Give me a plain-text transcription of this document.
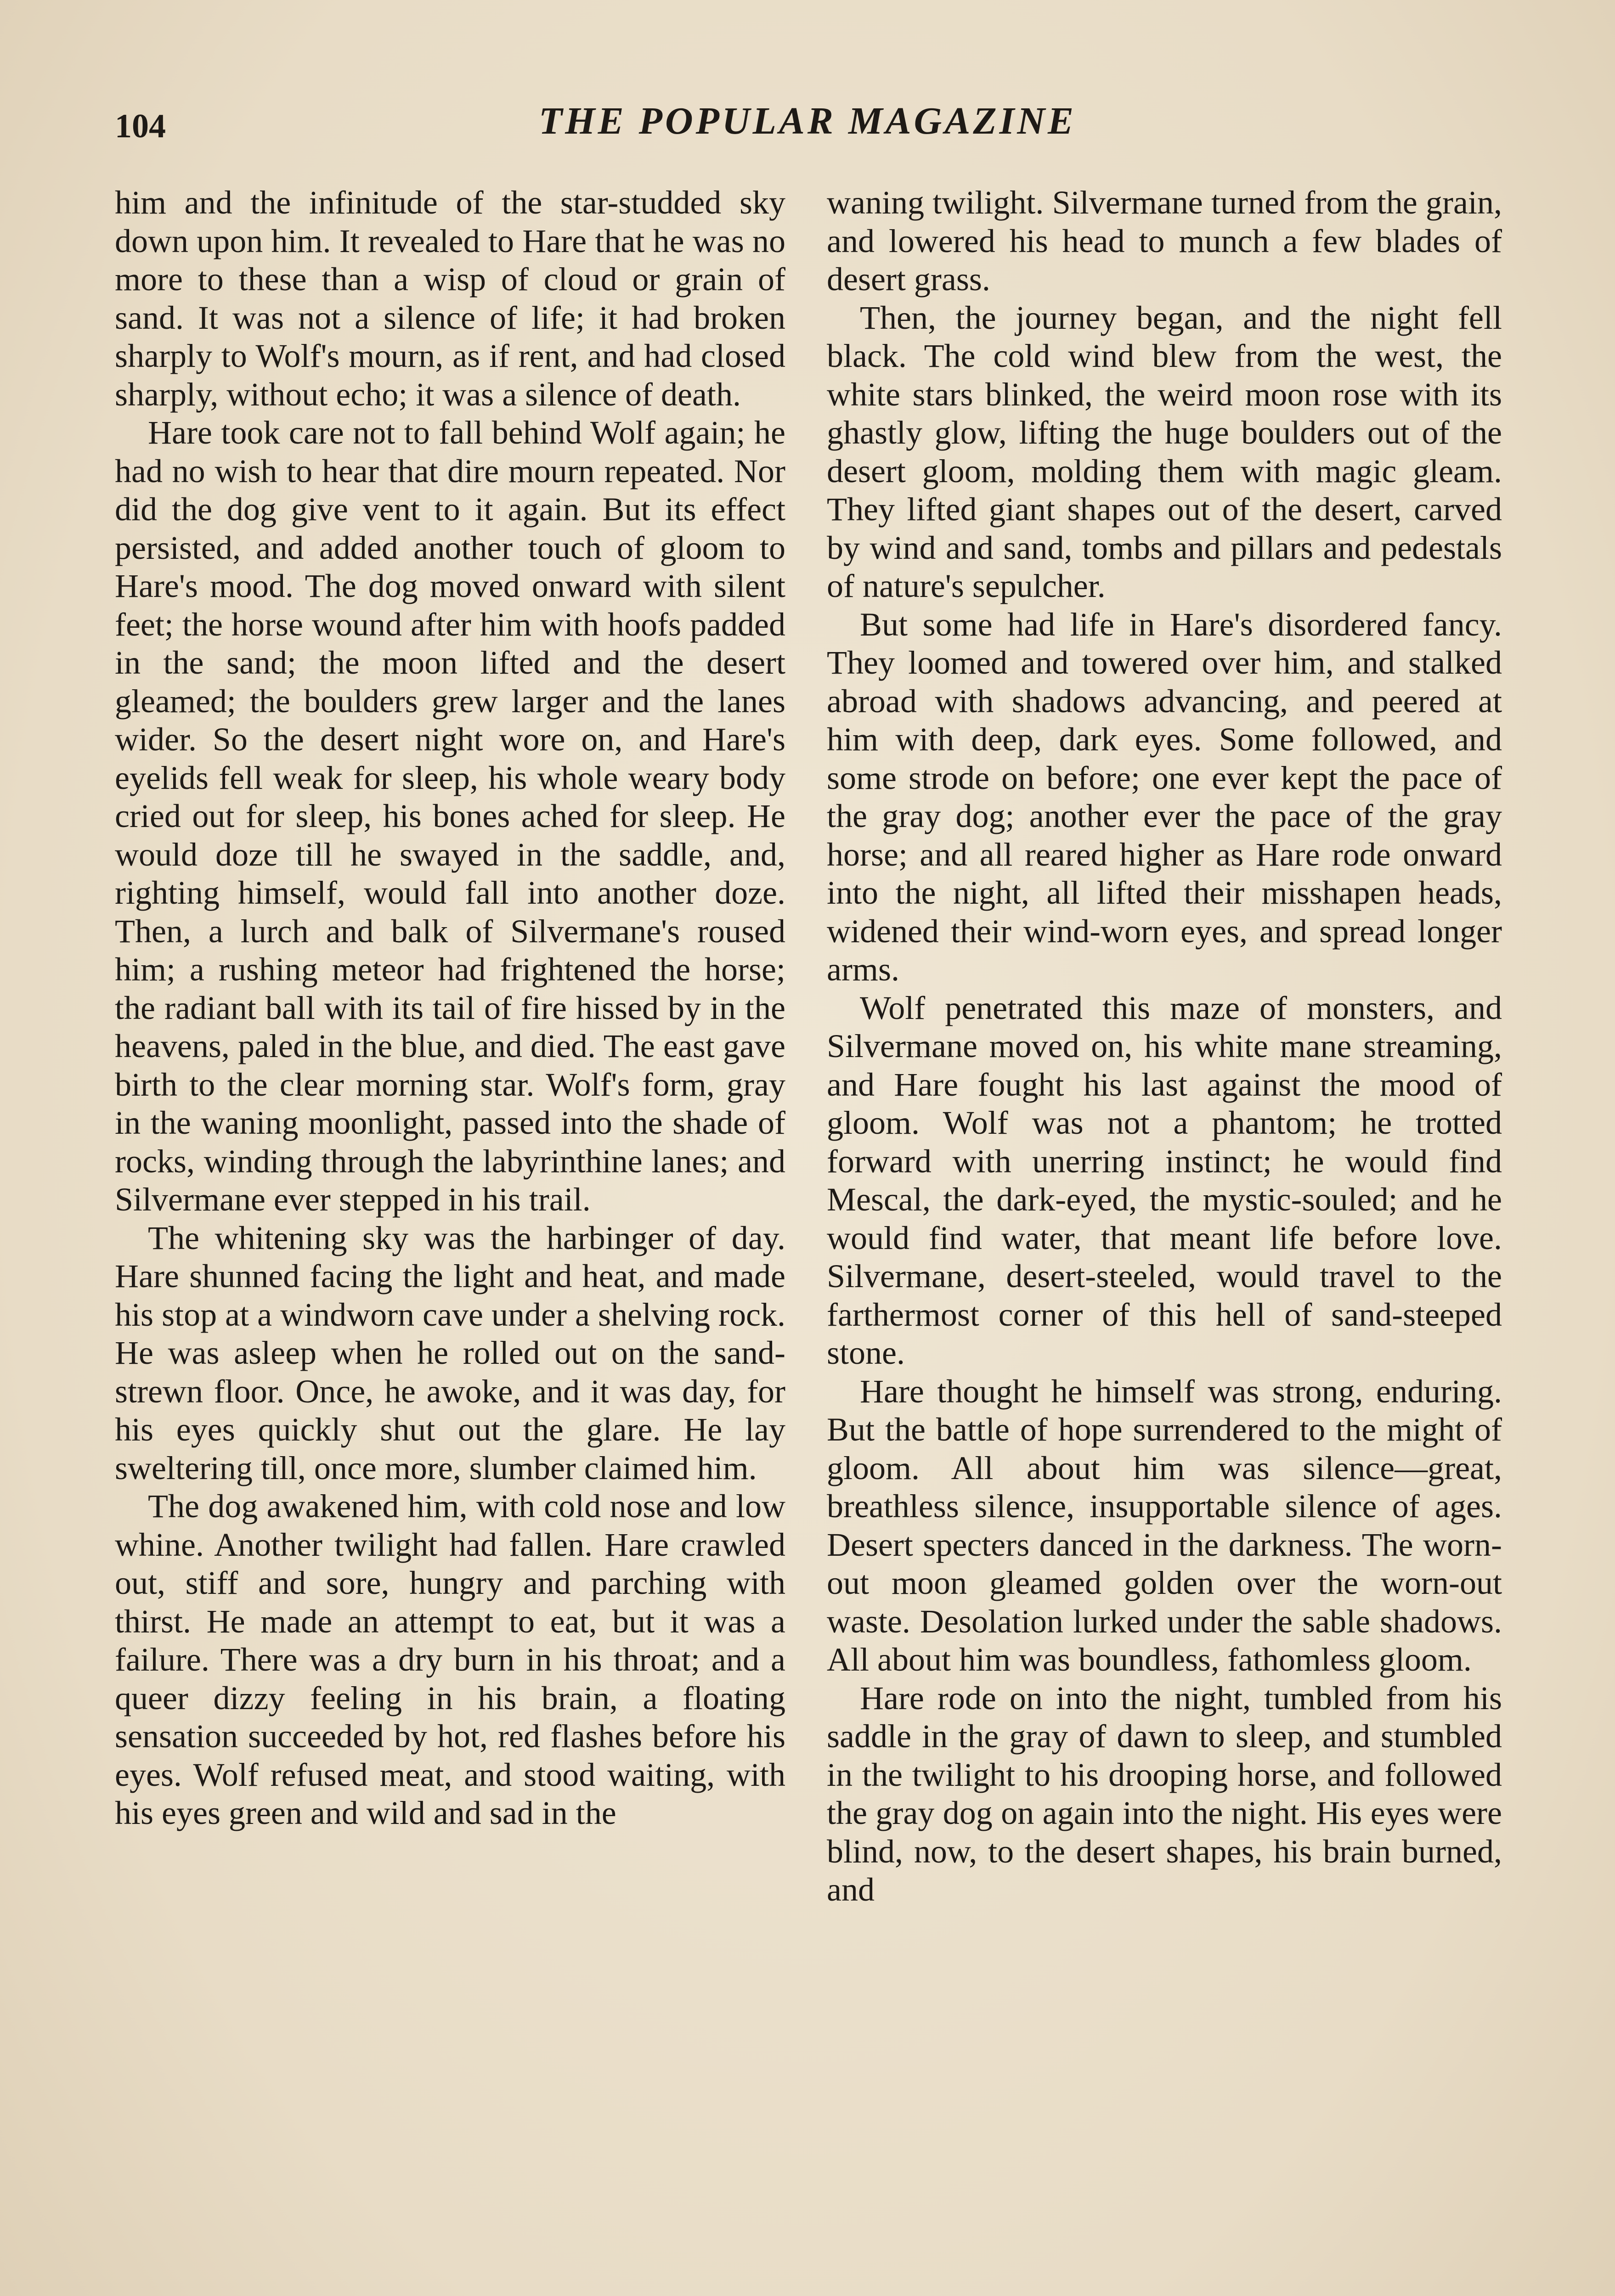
104	THE POPULAR MAGAZINE

him and the infinitude of the star-studded sky down upon him. It revealed to Hare that he was no more to these than a wisp of cloud or grain of sand. It was not a silence of life; it had broken sharply to Wolf's mourn, as if rent, and had closed sharply, without echo; it was a silence of death.

Hare took care not to fall behind Wolf again; he had no wish to hear that dire mourn repeated. Nor did the dog give vent to it again. But its effect persisted, and added another touch of gloom to Hare's mood. The dog moved onward with silent feet; the horse wound after him with hoofs padded in the sand; the moon lifted and the desert gleamed; the boulders grew larger and the lanes wider. So the desert night wore on, and Hare's eyelids fell weak for sleep, his whole weary body cried out for sleep, his bones ached for sleep. He would doze till he swayed in the saddle, and, righting himself, would fall into another doze. Then, a lurch and balk of Silvermane's roused him; a rushing meteor had frightened the horse; the radiant ball with its tail of fire hissed by in the heavens, paled in the blue, and died. The east gave birth to the clear morning star. Wolf's form, gray in the waning moonlight, passed into the shade of rocks, winding through the labyrinthine lanes; and Silvermane ever stepped in his trail.

The whitening sky was the harbinger of day. Hare shunned facing the light and heat, and made his stop at a windworn cave under a shelving rock. He was asleep when he rolled out on the sand-strewn floor. Once, he awoke, and it was day, for his eyes quickly shut out the glare. He lay sweltering till, once more, slumber claimed him.

The dog awakened him, with cold nose and low whine. Another twilight had fallen. Hare crawled out, stiff and sore, hungry and parching with thirst. He made an attempt to eat, but it was a failure. There was a dry burn in his throat; and a queer dizzy feeling in his brain, a floating sensation succeeded by hot, red flashes before his eyes. Wolf refused meat, and stood waiting, with his eyes green and wild and sad in the

waning twilight. Silvermane turned from the grain, and lowered his head to munch a few blades of desert grass.

Then, the journey began, and the night fell black. The cold wind blew from the west, the white stars blinked, the weird moon rose with its ghastly glow, lifting the huge boulders out of the desert gloom, molding them with magic gleam. They lifted giant shapes out of the desert, carved by wind and sand, tombs and pillars and pedestals of nature's sepulcher.

But some had life in Hare's disordered fancy. They loomed and towered over him, and stalked abroad with shadows advancing, and peered at him with deep, dark eyes. Some followed, and some strode on before; one ever kept the pace of the gray dog; another ever the pace of the gray horse; and all reared higher as Hare rode onward into the night, all lifted their misshapen heads, widened their wind-worn eyes, and spread longer arms.

Wolf penetrated this maze of monsters, and Silvermane moved on, his white mane streaming, and Hare fought his last against the mood of gloom. Wolf was not a phantom; he trotted forward with unerring instinct; he would find Mescal, the dark-eyed, the mystic-souled; and he would find water, that meant life before love. Silvermane, desert-steeled, would travel to the farthermost corner of this hell of sand-steeped stone.

Hare thought he himself was strong, enduring. But the battle of hope surrendered to the might of gloom. All about him was silence—great, breathless silence, insupportable silence of ages. Desert specters danced in the darkness. The worn-out moon gleamed golden over the worn-out waste. Desolation lurked under the sable shadows. All about him was boundless, fathomless gloom.

Hare rode on into the night, tumbled from his saddle in the gray of dawn to sleep, and stumbled in the twilight to his drooping horse, and followed the gray dog on again into the night. His eyes were blind, now, to the desert shapes, his brain burned, and
